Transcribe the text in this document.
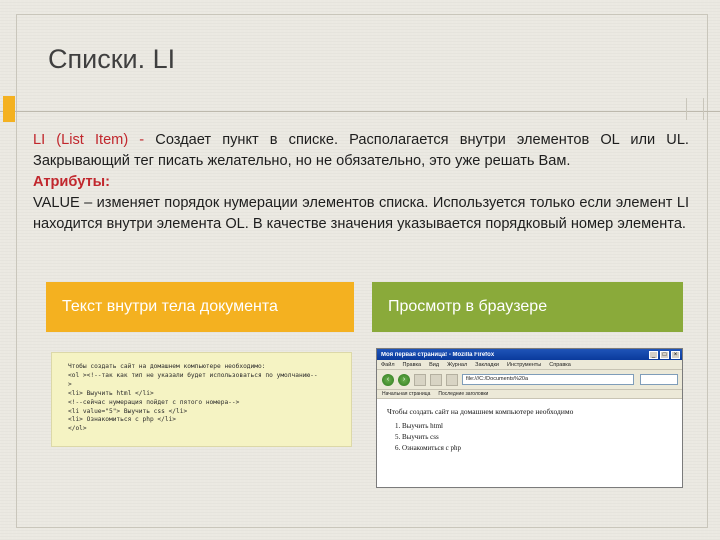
Списки. LI

LI (List Item) - Создает пункт в списке. Располагается внутри элементов OL или UL. Закрывающий тег писать желательно, но не обязательно, это уже решать Вам.

Атрибуты:

VALUE – изменяет порядок нумерации элементов списка. Используется только если элемент LI находится внутри элемента OL. В качестве значения указывается порядковый номер элемента.

Текст внутри тела документа	Просмотр в браузере
Чтобы создать сайт на домашнем компьютере необходимо:
<ol ><!--так как тип не указали будет использоваться по умолчанию--
>
<li> Выучить html </li>
<!--сейчас нумерация пойдет с пятого номера-->
<li value="5"> Выучить css </li>
<li> Ознакомиться с php </li>
</ol>
Моя первая страница! - Mozilla Firefox	_	□	×
Файл Правка Вид Журнал Закладки Инструменты Справка
‹	›	file:///C:/Documents%20a
Начальная страница Последние заголовки
Чтобы создать сайт на домашнем компьютере необходимо
1. Выучить html
5. Выучить css
6. Ознакомиться с php
